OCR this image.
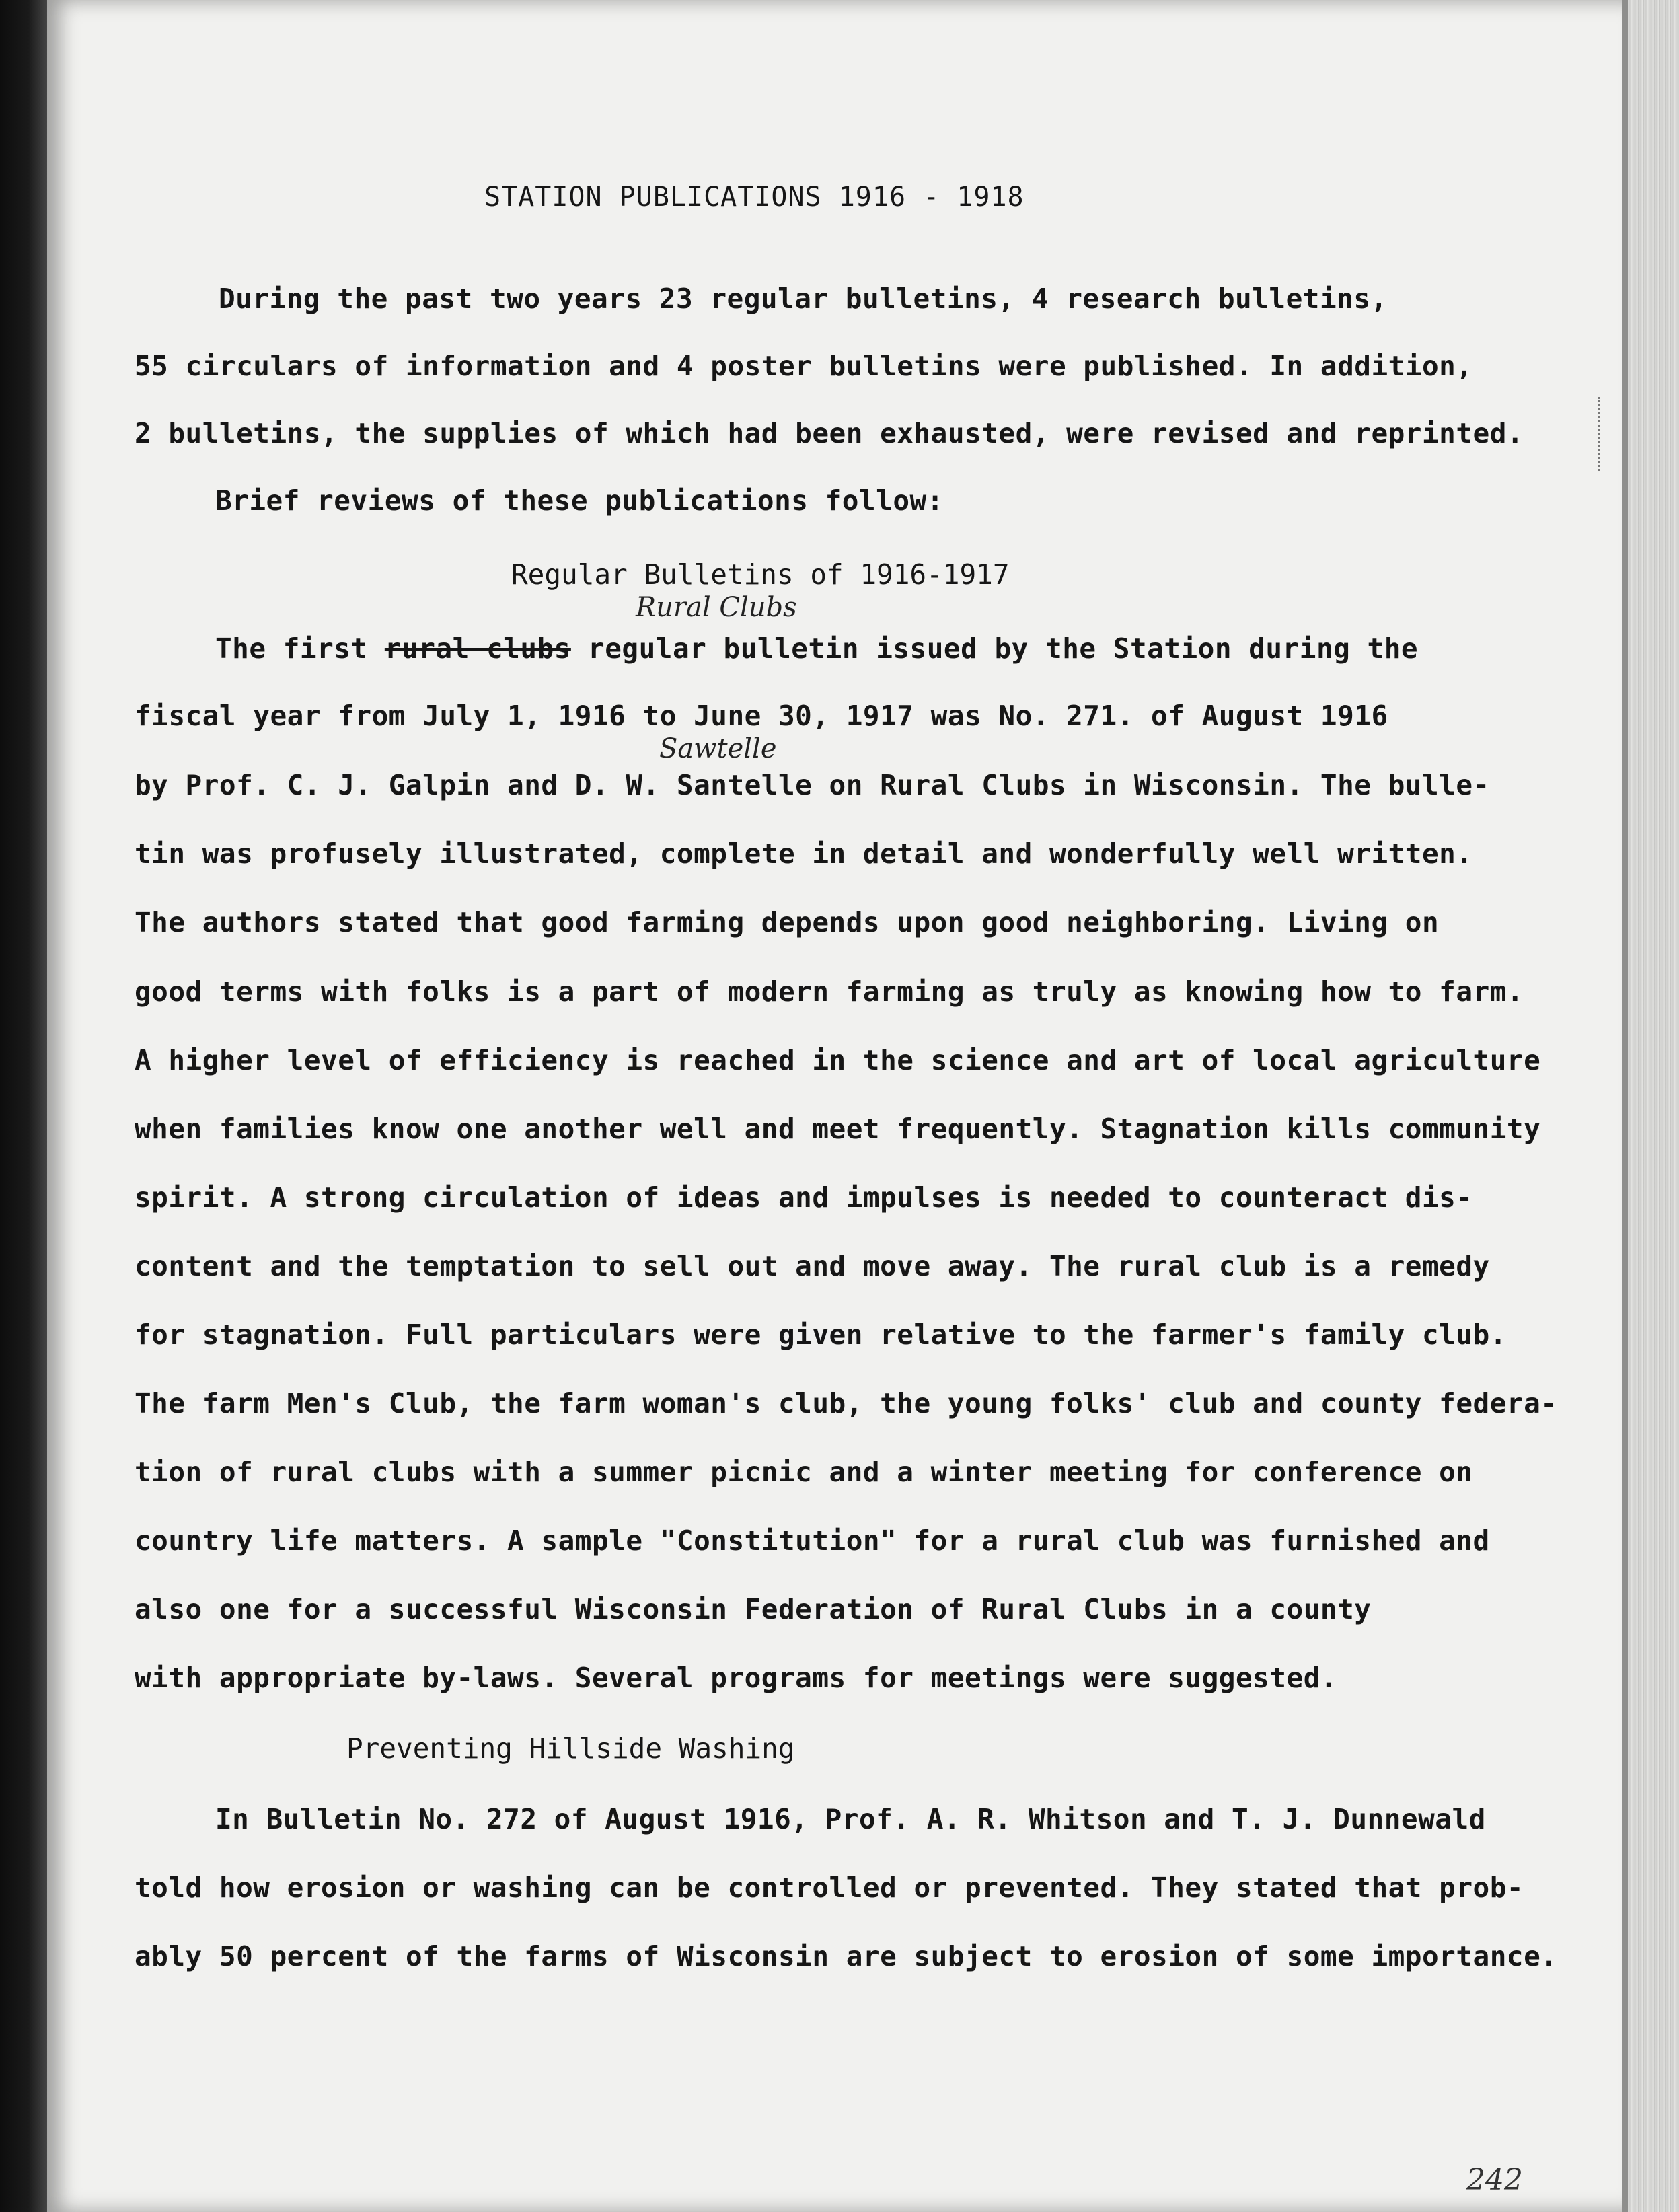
STATION PUBLICATIONS 1916 - 1918
During the past two years 23 regular bulletins, 4 research bulletins,
55 circulars of information and 4 poster bulletins were published. In addition,
2 bulletins, the supplies of which had been exhausted, were revised and reprinted.
Brief reviews of these publications follow:
Regular Bulletins of 1916-1917
Rural Clubs
The first rural clubs regular bulletin issued by the Station during the
fiscal year from July 1, 1916 to June 30, 1917 was No. 271. of August 1916
Sawtelle
by Prof. C. J. Galpin and D. W. Santelle on Rural Clubs in Wisconsin. The bulle-
tin was profusely illustrated, complete in detail and wonderfully well written.
The authors stated that good farming depends upon good neighboring. Living on
good terms with folks is a part of modern farming as truly as knowing how to farm.
A higher level of efficiency is reached in the science and art of local agriculture
when families know one another well and meet frequently. Stagnation kills community
spirit. A strong circulation of ideas and impulses is needed to counteract dis-
content and the temptation to sell out and move away. The rural club is a remedy
for stagnation. Full particulars were given relative to the farmer's family club.
The farm Men's Club, the farm woman's club, the young folks' club and county federa-
tion of rural clubs with a summer picnic and a winter meeting for conference on
country life matters. A sample "Constitution" for a rural club was furnished and
also one for a successful Wisconsin Federation of Rural Clubs in a county
with appropriate by-laws. Several programs for meetings were suggested.
Preventing Hillside Washing
In Bulletin No. 272 of August 1916, Prof. A. R. Whitson and T. J. Dunnewald
told how erosion or washing can be controlled or prevented. They stated that prob-
ably 50 percent of the farms of Wisconsin are subject to erosion of some importance.
242
